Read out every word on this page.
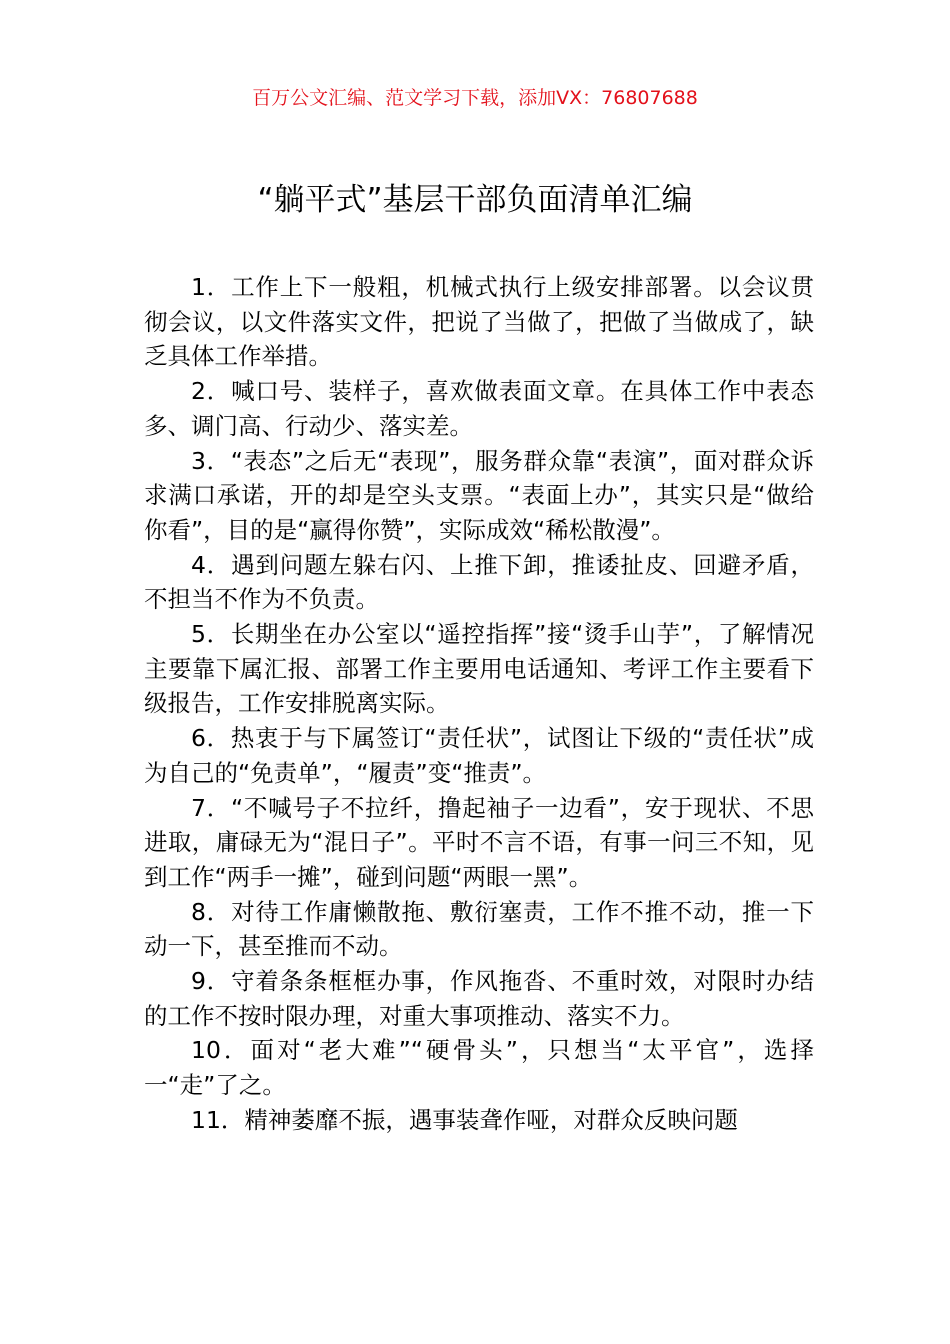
百万公文汇编、范文学习下载，添加VX：76807688
“躺平式”基层干部负面清单汇编

1．工作上下一般粗，机械式执行上级安排部署。以会议贯彻会议，以文件落实文件，把说了当做了，把做了当做成了，缺乏具体工作举措。

2．喊口号、装样子，喜欢做表面文章。在具体工作中表态多、调门高、行动少、落实差。

3．“表态”之后无“表现”，服务群众靠“表演”，面对群众诉求满口承诺，开的却是空头支票。“表面上办”，其实只是“做给你看”，目的是“赢得你赞”，实际成效“稀松散漫”。

4．遇到问题左躲右闪、上推下卸，推诿扯皮、回避矛盾，不担当不作为不负责。

5．长期坐在办公室以“遥控指挥”接“烫手山芋”，了解情况主要靠下属汇报、部署工作主要用电话通知、考评工作主要看下级报告，工作安排脱离实际。

6．热衷于与下属签订“责任状”，试图让下级的“责任状”成为自己的“免责单”，“履责”变“推责”。

7．“不喊号子不拉纤，撸起袖子一边看”，安于现状、不思进取，庸碌无为“混日子”。平时不言不语，有事一问三不知，见到工作“两手一摊”，碰到问题“两眼一黑”。

8．对待工作庸懒散拖、敷衍塞责，工作不推不动，推一下动一下，甚至推而不动。

9．守着条条框框办事，作风拖沓、不重时效，对限时办结的工作不按时限办理，对重大事项推动、落实不力。

10．面对“老大难”“硬骨头”，只想当“太平官”，选择一“走”了之。

11．精神萎靡不振，遇事装聋作哑，对群众反映问题
